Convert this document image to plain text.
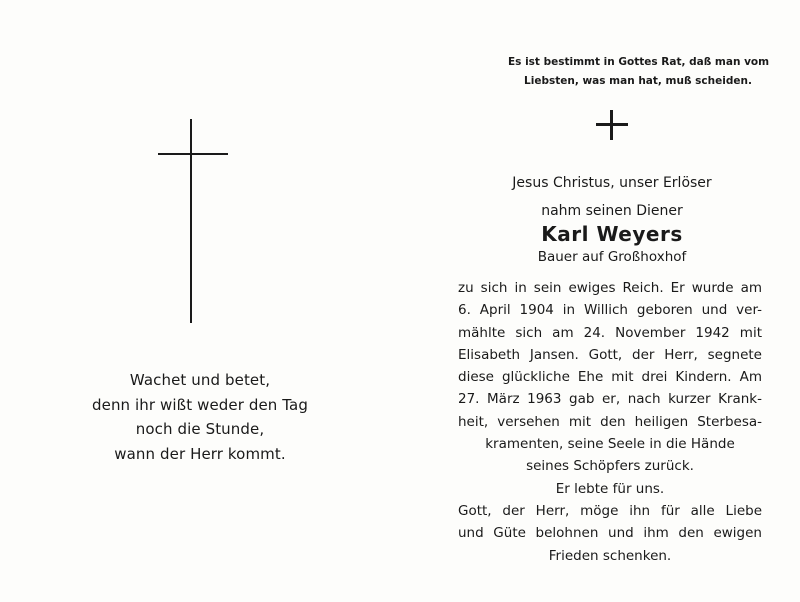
Wachet und betet,
denn ihr wißt weder den Tag
noch die Stunde,
wann der Herr kommt.
Es ist bestimmt in Gottes Rat, daß man vom
Liebsten, was man hat, muß scheiden.
Jesus Christus, unser Erlöser
nahm seinen Diener
Karl Weyers
Bauer auf Großhoxhof
zu sich in sein ewiges Reich. Er wurde am
6. April 1904 in Willich geboren und ver-
mählte sich am 24. November 1942 mit
Elisabeth Jansen. Gott, der Herr, segnete
diese glückliche Ehe mit drei Kindern. Am
27. März 1963 gab er, nach kurzer Krank-
heit, versehen mit den heiligen Sterbesa-
kramenten, seine Seele in die Hände
seines Schöpfers zurück.
Er lebte für uns.
Gott, der Herr, möge ihn für alle Liebe
und Güte belohnen und ihm den ewigen
Frieden schenken.
